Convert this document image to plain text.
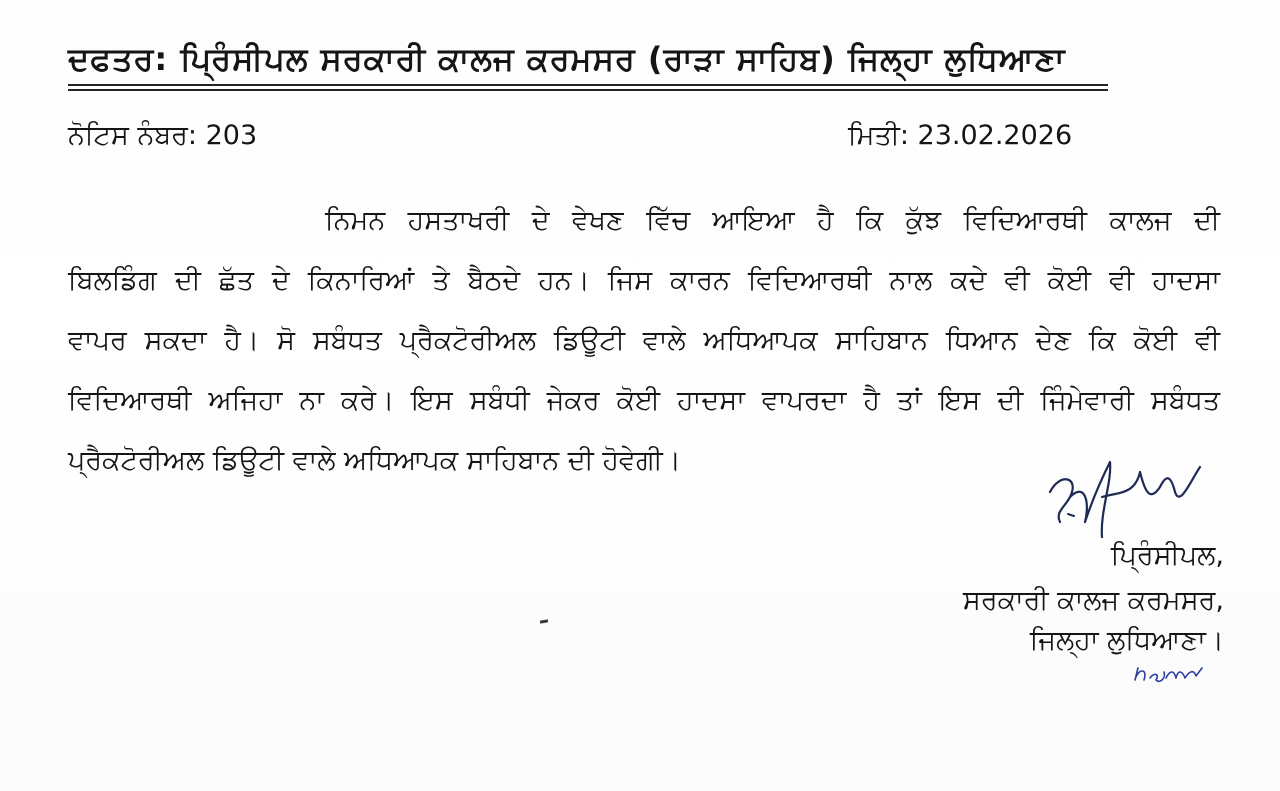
ਦਫਤਰ: ਪ੍ਰਿੰਸੀਪਲ ਸਰਕਾਰੀ ਕਾਲਜ ਕਰਮਸਰ (ਰਾੜਾ ਸਾਹਿਬ) ਜਿਲ੍ਹਾ ਲੁਧਿਆਣਾ
ਨੋਟਿਸ ਨੰਬਰ: 203	ਮਿਤੀ: 23.02.2026
ਨਿਮਨ ਹਸਤਾਖਰੀ ਦੇ ਵੇਖਣ ਵਿੱਚ ਆਇਆ ਹੈ ਕਿ ਕੁੱਝ ਵਿਦਿਆਰਥੀ ਕਾਲਜ ਦੀ
ਬਿਲਡਿੰਗ ਦੀ ਛੱਤ ਦੇ ਕਿਨਾਰਿਆਂ ਤੇ ਬੈਠਦੇ ਹਨ। ਜਿਸ ਕਾਰਨ ਵਿਦਿਆਰਥੀ ਨਾਲ ਕਦੇ ਵੀ ਕੋਈ ਵੀ ਹਾਦਸਾ
ਵਾਪਰ ਸਕਦਾ ਹੈ। ਸੋ ਸਬੰਧਤ ਪ੍ਰੈਕਟੋਰੀਅਲ ਡਿਊਟੀ ਵਾਲੇ ਅਧਿਆਪਕ ਸਾਹਿਬਾਨ ਧਿਆਨ ਦੇਣ ਕਿ ਕੋਈ ਵੀ
ਵਿਦਿਆਰਥੀ ਅਜਿਹਾ ਨਾ ਕਰੇ। ਇਸ ਸਬੰਧੀ ਜੇਕਰ ਕੋਈ ਹਾਦਸਾ ਵਾਪਰਦਾ ਹੈ ਤਾਂ ਇਸ ਦੀ ਜਿੰਮੇਵਾਰੀ ਸਬੰਧਤ
ਪ੍ਰੈਕਟੋਰੀਅਲ ਡਿਊਟੀ ਵਾਲੇ ਅਧਿਆਪਕ ਸਾਹਿਬਾਨ ਦੀ ਹੋਵੇਗੀ।
ਪ੍ਰਿੰਸੀਪਲ,
ਸਰਕਾਰੀ ਕਾਲਜ ਕਰਮਸਰ,
ਜਿਲ੍ਹਾ ਲੁਧਿਆਣਾ।
